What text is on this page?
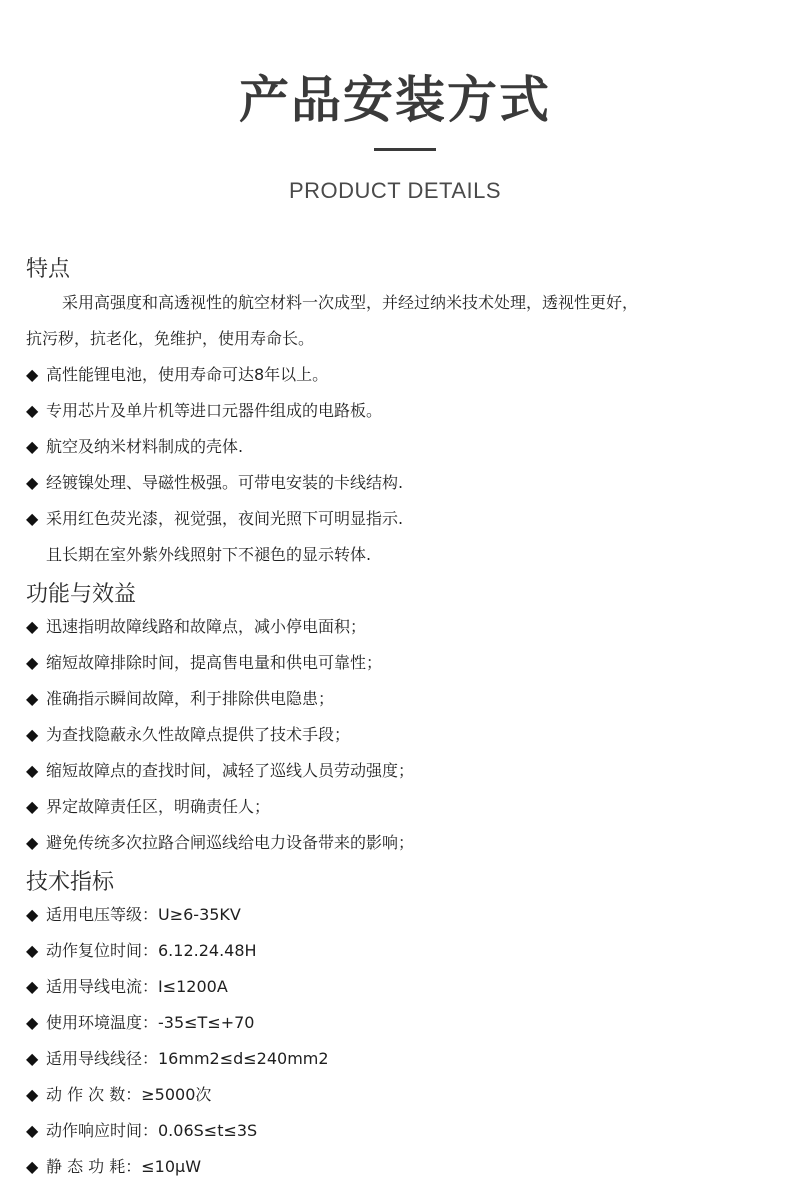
产品安装方式
PRODUCT DETAILS
特点
采用高强度和高透视性的航空材料一次成型，并经过纳米技术处理，透视性更好，
抗污秽，抗老化，免维护，使用寿命长。
◆ 高性能锂电池，使用寿命可达8年以上。
◆ 专用芯片及单片机等进口元器件组成的电路板。
◆ 航空及纳米材料制成的壳体.
◆ 经镀镍处理、导磁性极强。可带电安装的卡线结构.
◆ 采用红色荧光漆，视觉强，夜间光照下可明显指示.
且长期在室外紫外线照射下不褪色的显示转体.
功能与效益
◆ 迅速指明故障线路和故障点，减小停电面积；
◆ 缩短故障排除时间，提高售电量和供电可靠性；
◆ 准确指示瞬间故障，利于排除供电隐患；
◆ 为查找隐蔽永久性故障点提供了技术手段；
◆ 缩短故障点的查找时间，减轻了巡线人员劳动强度；
◆ 界定故障责任区，明确责任人；
◆ 避免传统多次拉路合闸巡线给电力设备带来的影响；
技术指标
◆ 适用电压等级：U≥6-35KV
◆ 动作复位时间：6.12.24.48H
◆ 适用导线电流：I≤1200A
◆ 使用环境温度：-35≤T≤+70
◆ 适用导线线径：16mm2≤d≤240mm2
◆ 动 作 次 数：≥5000次
◆ 动作响应时间：0.06S≤t≤3S
◆ 静 态 功 耗：≤10μW
